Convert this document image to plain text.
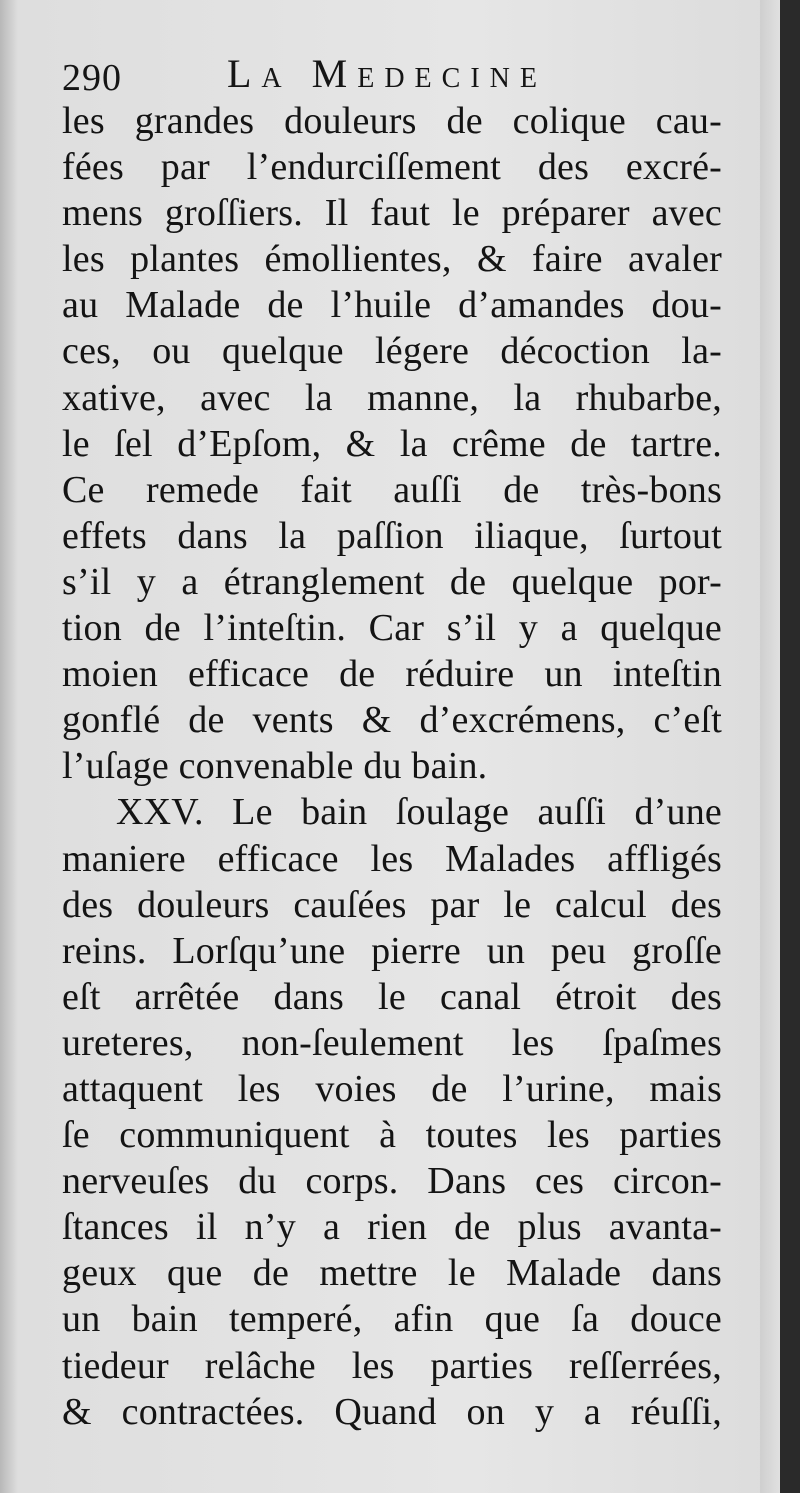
290	La Medecine
les grandes douleurs de colique cau-
fées par l’endurciſſement des excré-
mens groſſiers. Il faut le préparer avec
les plantes émollientes, & faire avaler
au Malade de l’huile d’amandes dou-
ces, ou quelque légere décoction la-
xative, avec la manne, la rhubarbe,
le ſel d’Epſom, & la crême de tartre.
Ce remede fait auſſi de très-bons
effets dans la paſſion iliaque, ſurtout
s’il y a étranglement de quelque por-
tion de l’inteſtin. Car s’il y a quelque
moien efficace de réduire un inteſtin
gonflé de vents & d’excrémens, c’eſt
l’uſage convenable du bain.
XXV. Le bain ſoulage auſſi d’une
maniere efficace les Malades affligés
des douleurs cauſées par le calcul des
reins. Lorſqu’une pierre un peu groſſe
eſt arrêtée dans le canal étroit des
ureteres, non-ſeulement les ſpaſmes
attaquent les voies de l’urine, mais
ſe communiquent à toutes les parties
nerveuſes du corps. Dans ces circon-
ſtances il n’y a rien de plus avanta-
geux que de mettre le Malade dans
un bain temperé, afin que ſa douce
tiedeur relâche les parties reſſerrées,
& contractées. Quand on y a réuſſi,
